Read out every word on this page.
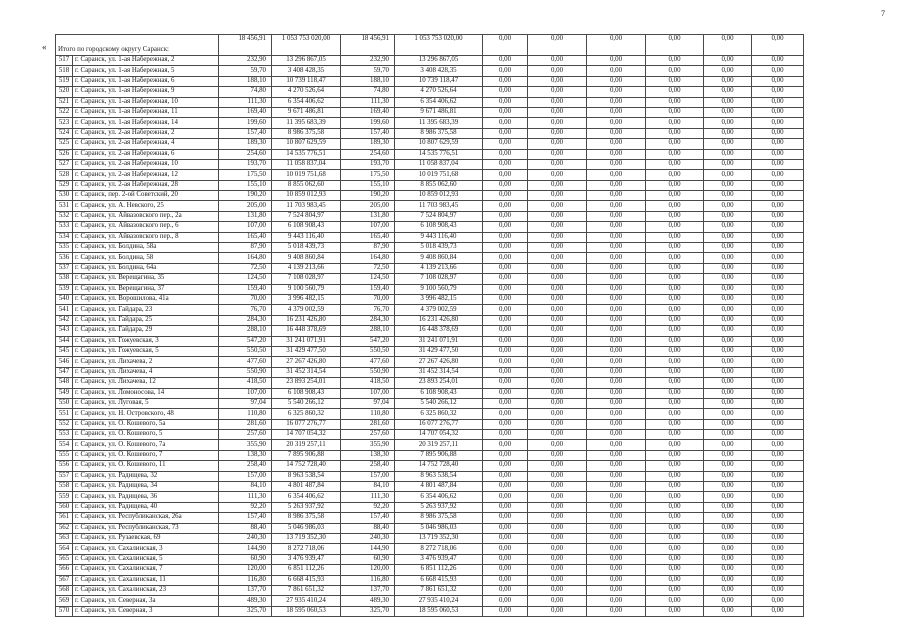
7
« Итого по городскому округу Саранск:		18 456,91	1 053 753 020,00	18 456,91	1 053 753 020,00	0,00	0,00	0,00	0,00	0,00	0,00
517	г. Саранск, ул. 1-ая Набережная, 2	232,90	13 296 867,05	232,90	13 296 867,05	0,00	0,00	0,00	0,00	0,00	0,00
518	г. Саранск, ул. 1-ая Набережная, 5	59,70	3 408 428,35	59,70	3 408 428,35	0,00	0,00	0,00	0,00	0,00	0,00
519	г. Саранск, ул. 1-ая Набережная, 6	188,10	10 739 118,47	188,10	10 739 118,47	0,00	0,00	0,00	0,00	0,00	0,00
520	г. Саранск, ул. 1-ая Набережная, 9	74,80	4 270 526,64	74,80	4 270 526,64	0,00	0,00	0,00	0,00	0,00	0,00
521	г. Саранск, ул. 1-ая Набережная, 10	111,30	6 354 406,62	111,30	6 354 406,62	0,00	0,00	0,00	0,00	0,00	0,00
522	г. Саранск, ул. 1-ая Набережная, 11	169,40	9 671 486,81	169,40	9 671 486,81	0,00	0,00	0,00	0,00	0,00	0,00
523	г. Саранск, ул. 1-ая Набережная, 14	199,60	11 395 683,39	199,60	11 395 683,39	0,00	0,00	0,00	0,00	0,00	0,00
524	г. Саранск, ул. 2-ая Набережная, 2	157,40	8 986 375,58	157,40	8 986 375,58	0,00	0,00	0,00	0,00	0,00	0,00
525	г. Саранск, ул. 2-ая Набережная, 4	189,30	10 807 629,59	189,30	10 807 629,59	0,00	0,00	0,00	0,00	0,00	0,00
526	г. Саранск, ул. 2-ая Набережная, 6	254,60	14 535 776,51	254,60	14 535 776,51	0,00	0,00	0,00	0,00	0,00	0,00
527	г. Саранск, ул. 2-ая Набережная, 10	193,70	11 058 837,04	193,70	11 058 837,04	0,00	0,00	0,00	0,00	0,00	0,00
528	г. Саранск, ул. 2-ая Набережная, 12	175,50	10 019 751,68	175,50	10 019 751,68	0,00	0,00	0,00	0,00	0,00	0,00
529	г. Саранск, ул. 2-ая Набережная, 28	155,10	8 855 062,60	155,10	8 855 062,60	0,00	0,00	0,00	0,00	0,00	0,00
530	г. Саранск, пер. 2-ой Советский, 20	190,20	10 859 012,93	190,20	10 859 012,93	0,00	0,00	0,00	0,00	0,00	0,00
531	г. Саранск, ул. А. Невского, 25	205,00	11 703 983,45	205,00	11 703 983,45	0,00	0,00	0,00	0,00	0,00	0,00
532	г. Саранск, ул. Айвазовского пер., 2а	131,80	7 524 804,97	131,80	7 524 804,97	0,00	0,00	0,00	0,00	0,00	0,00
533	г. Саранск, ул. Айвазовского пер., 6	107,00	6 108 908,43	107,00	6 108 908,43	0,00	0,00	0,00	0,00	0,00	0,00
534	г. Саранск, ул. Айвазовского пер., 8	165,40	9 443 116,40	165,40	9 443 116,40	0,00	0,00	0,00	0,00	0,00	0,00
535	г. Саранск, ул. Болдина, 58а	87,90	5 018 439,73	87,90	5 018 439,73	0,00	0,00	0,00	0,00	0,00	0,00
536	г. Саранск, ул. Болдина, 58	164,80	9 408 860,84	164,80	9 408 860,84	0,00	0,00	0,00	0,00	0,00	0,00
537	г. Саранск, ул. Болдина, 64а	72,50	4 139 213,66	72,50	4 139 213,66	0,00	0,00	0,00	0,00	0,00	0,00
538	г. Саранск, ул. Верещагина, 35	124,50	7 108 028,97	124,50	7 108 028,97	0,00	0,00	0,00	0,00	0,00	0,00
539	г. Саранск, ул. Верещагина, 37	159,40	9 100 560,79	159,40	9 100 560,79	0,00	0,00	0,00	0,00	0,00	0,00
540	г. Саранск, ул. Ворошилова, 41а	70,00	3 996 482,15	70,00	3 996 482,15	0,00	0,00	0,00	0,00	0,00	0,00
541	г. Саранск, ул. Гайдара, 23	76,70	4 379 002,59	76,70	4 379 002,59	0,00	0,00	0,00	0,00	0,00	0,00
542	г. Саранск, ул. Гайдара, 25	284,30	16 231 426,80	284,30	16 231 426,80	0,00	0,00	0,00	0,00	0,00	0,00
543	г. Саранск, ул. Гайдара, 29	288,10	16 448 378,69	288,10	16 448 378,69	0,00	0,00	0,00	0,00	0,00	0,00
544	г. Саранск, ул. Гожуевская, 3	547,20	31 241 071,91	547,20	31 241 071,91	0,00	0,00	0,00	0,00	0,00	0,00
545	г. Саранск, ул. Гожуевская, 5	550,50	31 429 477,50	550,50	31 429 477,50	0,00	0,00	0,00	0,00	0,00	0,00
546	г. Саранск, ул. Лихачева, 2	477,60	27 267 426,80	477,60	27 267 426,80	0,00	0,00	0,00	0,00	0,00	0,00
547	г. Саранск, ул. Лихачева, 4	550,90	31 452 314,54	550,90	31 452 314,54	0,00	0,00	0,00	0,00	0,00	0,00
548	г. Саранск, ул. Лихачева, 12	418,50	23 893 254,01	418,50	23 893 254,01	0,00	0,00	0,00	0,00	0,00	0,00
549	г. Саранск, ул. Ломоносова, 14	107,00	6 108 908,43	107,00	6 108 908,43	0,00	0,00	0,00	0,00	0,00	0,00
550	г. Саранск, ул. Луговая, 5	97,04	5 540 266,12	97,04	5 540 266,12	0,00	0,00	0,00	0,00	0,00	0,00
551	г. Саранск, ул. Н. Островского, 48	110,80	6 325 860,32	110,80	6 325 860,32	0,00	0,00	0,00	0,00	0,00	0,00
552	г. Саранск, ул. О. Кошевого, 5а	281,60	16 077 276,77	281,60	16 077 276,77	0,00	0,00	0,00	0,00	0,00	0,00
553	г. Саранск, ул. О. Кошевого, 5	257,60	14 707 054,32	257,60	14 707 054,32	0,00	0,00	0,00	0,00	0,00	0,00
554	г. Саранск, ул. О. Кошевого, 7а	355,90	20 319 257,11	355,90	20 319 257,11	0,00	0,00	0,00	0,00	0,00	0,00
555	г. Саранск, ул. О. Кошевого, 7	138,30	7 895 906,88	138,30	7 895 906,88	0,00	0,00	0,00	0,00	0,00	0,00
556	г. Саранск, ул. О. Кошевого, 11	258,40	14 752 728,40	258,40	14 752 728,40	0,00	0,00	0,00	0,00	0,00	0,00
557	г. Саранск, ул. Радищева, 32	157,00	8 963 538,54	157,00	8 963 538,54	0,00	0,00	0,00	0,00	0,00	0,00
558	г. Саранск, ул. Радищева, 34	84,10	4 801 487,84	84,10	4 801 487,84	0,00	0,00	0,00	0,00	0,00	0,00
559	г. Саранск, ул. Радищева, 36	111,30	6 354 406,62	111,30	6 354 406,62	0,00	0,00	0,00	0,00	0,00	0,00
560	г. Саранск, ул. Радищева, 40	92,20	5 263 937,92	92,20	5 263 937,92	0,00	0,00	0,00	0,00	0,00	0,00
561	г. Саранск, ул. Республиканская, 26а	157,40	8 986 375,58	157,40	8 986 375,58	0,00	0,00	0,00	0,00	0,00	0,00
562	г. Саранск, ул. Республиканская, 73	88,40	5 046 986,03	88,40	5 046 986,03	0,00	0,00	0,00	0,00	0,00	0,00
563	г. Саранск, ул. Рузаевская, 69	240,30	13 719 352,30	240,30	13 719 352,30	0,00	0,00	0,00	0,00	0,00	0,00
564	г. Саранск, ул. Сахалинская, 3	144,90	8 272 718,06	144,90	8 272 718,06	0,00	0,00	0,00	0,00	0,00	0,00
565	г. Саранск, ул. Сахалинская, 5	60,90	3 476 939,47	60,90	3 476 939,47	0,00	0,00	0,00	0,00	0,00	0,00
566	г. Саранск, ул. Сахалинская, 7	120,00	6 851 112,26	120,00	6 851 112,26	0,00	0,00	0,00	0,00	0,00	0,00
567	г. Саранск, ул. Сахалинская, 11	116,80	6 668 415,93	116,80	6 668 415,93	0,00	0,00	0,00	0,00	0,00	0,00
568	г. Саранск, ул. Сахалинская, 23	137,70	7 861 651,32	137,70	7 861 651,32	0,00	0,00	0,00	0,00	0,00	0,00
569	г. Саранск, ул. Северная, 3а	489,30	27 935 410,24	489,30	27 935 410,24	0,00	0,00	0,00	0,00	0,00	0,00
570	г. Саранск, ул. Северная, 3	325,70	18 595 060,53	325,70	18 595 060,53	0,00	0,00	0,00	0,00	0,00	0,00
